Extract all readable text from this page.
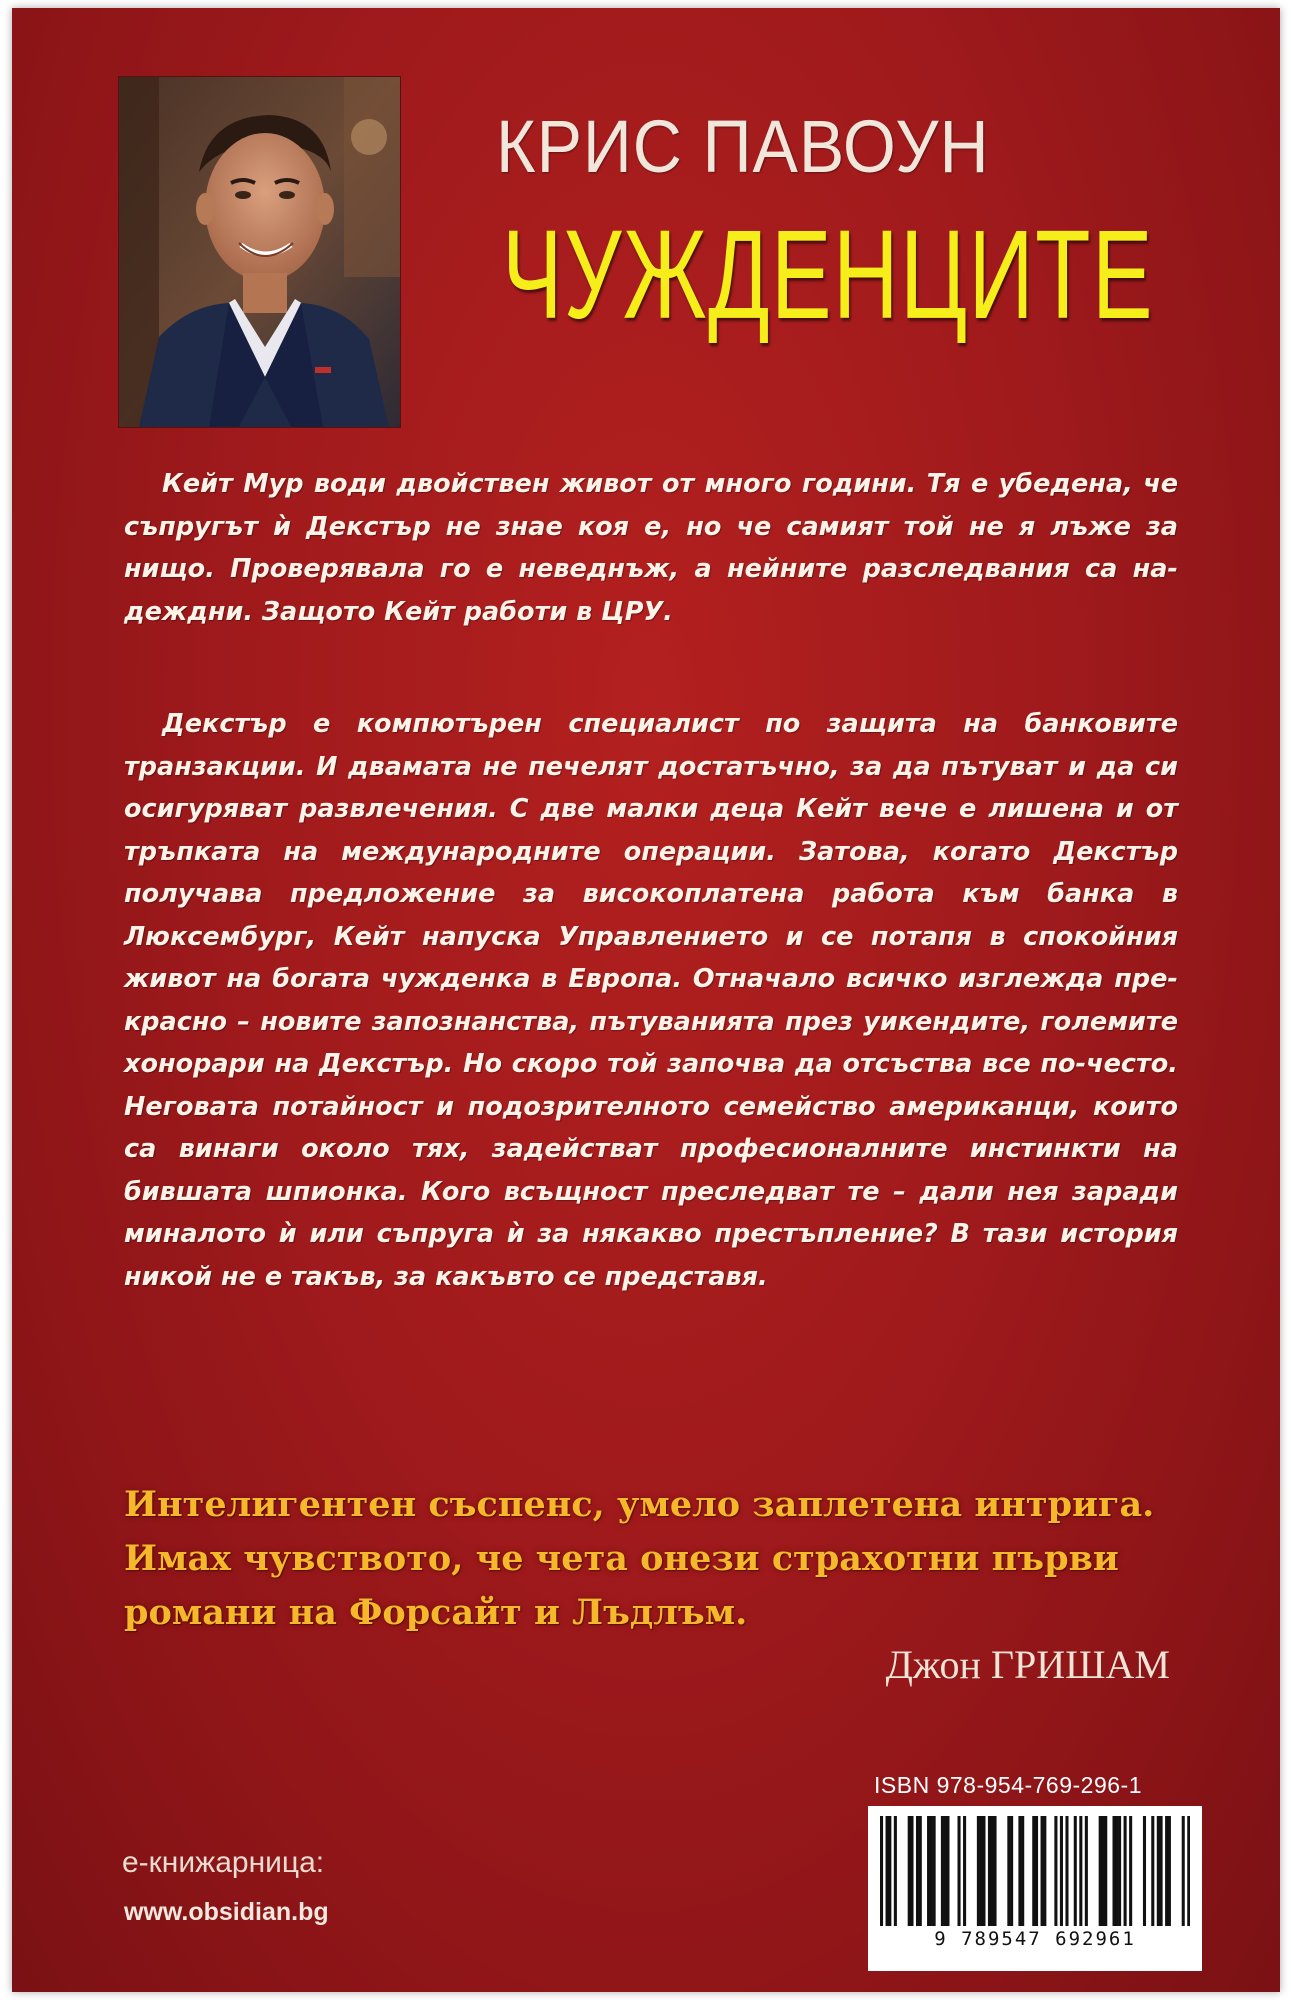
КРИС ПАВОУН
ЧУЖДЕНЦИТЕ

Кейт Мур води двойствен живот от много години. Тя е убедена, че съпругът ѝ Декстър не знае коя е, но че самият той не я лъже за нищо. Проверявала го е неведнъж, а нейните разследвания са надеждни. Защото Кейт работи в ЦРУ.

Декстър е компютърен специалист по защита на банковите транзакции. И двамата не печелят достатъчно, за да пътуват и да си осигуряват развлечения. С две малки деца Кейт вече е лишена и от тръпката на международните операции. Затова, когато Декстър получава предложение за високоплатена работа към банка в Люксембург, Кейт напуска Управлението и се потапя в спокойния живот на богата чужденка в Европа. Отначало всичко изглежда прекрасно – новите запознанства, пътуванията през уикендите, големите хонорари на Декстър. Но скоро той започва да отсъства все по-често. Неговата потайност и подозрителното семейство американци, които са винаги около тях, задействат професионалните инстинкти на бившата шпионка. Кого всъщност преследват те – дали нея заради миналото ѝ или съпруга ѝ за някакво престъпление? В тази история никой не е такъв, за какъвто се представя.

Интелигентен съспенс, умело заплетена интрига.
Имах чувството, че чета онези страхотни първи
романи на Форсайт и Лъдлъм.

Джон ГРИШАМ
ISBN 978-954-769-296-1
9 789547 692961
е-книжарница:
www.obsidian.bg
